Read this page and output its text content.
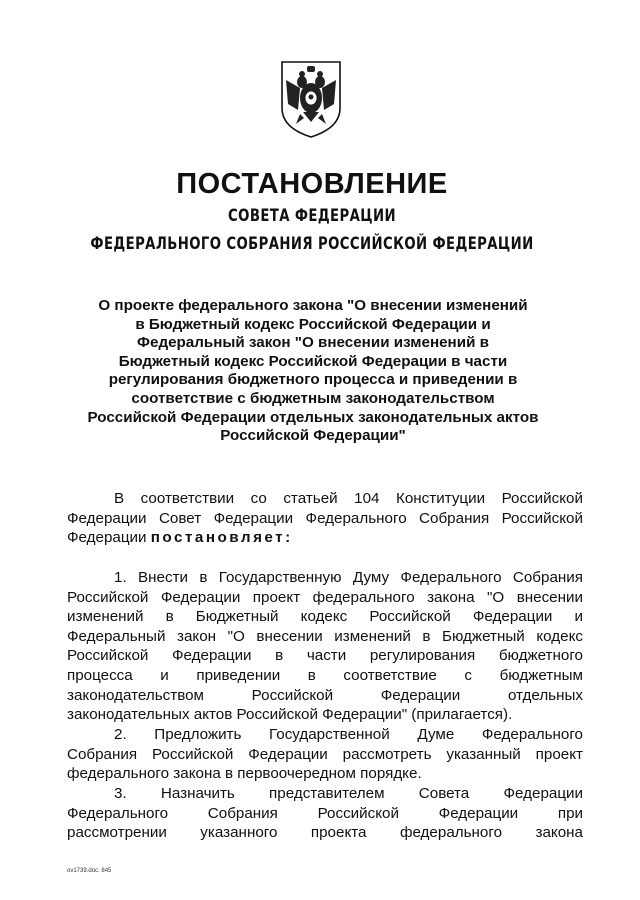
ПОСТАНОВЛЕНИЕ
СОВЕТА ФЕДЕРАЦИИ
ФЕДЕРАЛЬНОГО СОБРАНИЯ РОССИЙСКОЙ ФЕДЕРАЦИИ
О проекте федерального закона "О внесении изменений
в Бюджетный кодекс Российской Федерации и
Федеральный закон "О внесении изменений в
Бюджетный кодекс Российской Федерации в части
регулирования бюджетного процесса и приведении в
соответствие с бюджетным законодательством
Российской Федерации отдельных законодательных актов
Российской Федерации"
В соответствии со статьей 104 Конституции Российской
Федерации Совет Федерации Федерального Собрания Российской
Федерации постановляет:
1. Внести в Государственную Думу Федерального Собрания
Российской Федерации проект федерального закона "О внесении
изменений в Бюджетный кодекс Российской Федерации и
Федеральный закон "О внесении изменений в Бюджетный кодекс
Российской Федерации в части регулирования бюджетного
процесса и приведении в соответствие с бюджетным
законодательством Российской Федерации отдельных
законодательных актов Российской Федерации" (прилагается).
2. Предложить Государственной Думе Федерального
Собрания Российской Федерации рассмотреть указанный проект
федерального закона в первоочередном порядке.
3. Назначить представителем Совета Федерации
Федерального Собрания Российской Федерации при
рассмотрении указанного проекта федерального закона
ov1739.doc: 845
